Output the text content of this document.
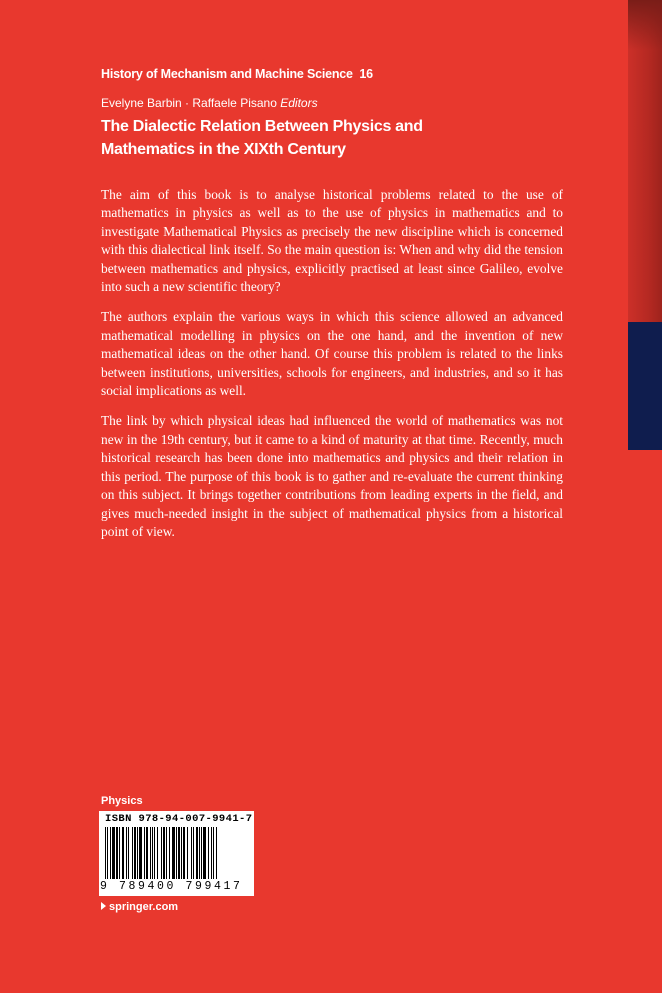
History of Mechanism and Machine Science 16
Evelyne Barbin · Raffaele Pisano Editors
The Dialectic Relation Between Physics and
Mathematics in the XIXth Century

The aim of this book is to analyse historical problems related to the use of mathematics in physics as well as to the use of physics in mathematics and to investigate Mathematical Physics as precisely the new discipline which is concerned with this dialectical link itself. So the main question is: When and why did the tension between mathematics and physics, explicitly practised at least since Galileo, evolve into such a new scientific theory?

The authors explain the various ways in which this science allowed an advanced mathematical modelling in physics on the one hand, and the invention of new mathematical ideas on the other hand. Of course this problem is related to the links between institutions, universities, schools for engineers, and industries, and so it has social implications as well.

The link by which physical ideas had influenced the world of mathematics was not new in the 19th century, but it came to a kind of maturity at that time. Recently, much historical research has been done into mathematics and physics and their relation in this period. The purpose of this book is to gather and re-evaluate the current thinking on this subject. It brings together contributions from leading experts in the field, and gives much-needed insight in the subject of mathematical physics from a historical point of view.

Physics
ISBN 978-94-007-9941-7
9 789400 799417
springer.com
